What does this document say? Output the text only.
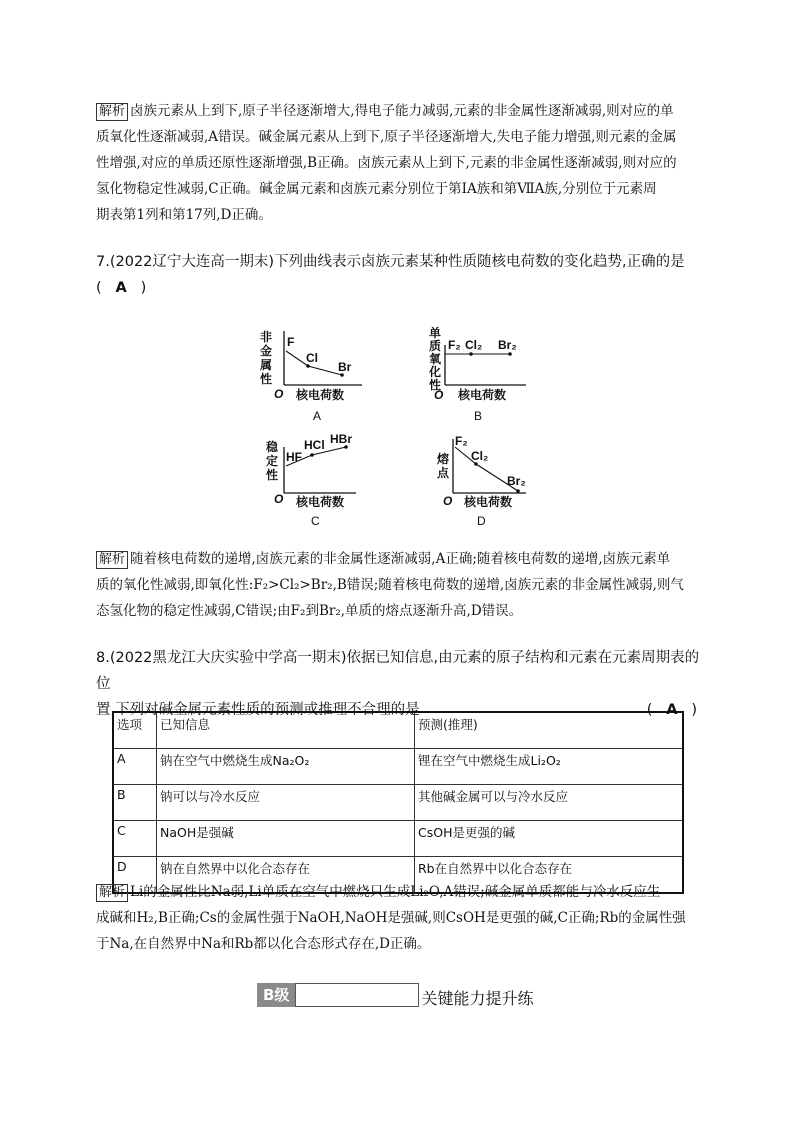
解析 卤族元素从上到下,原子半径逐渐增大,得电子能力减弱,元素的非金属性逐渐减弱,则对应的单
质氧化性逐渐减弱,A错误。碱金属元素从上到下,原子半径逐渐增大,失电子能力增强,则元素的金属
性增强,对应的单质还原性逐渐增强,B正确。卤族元素从上到下,元素的非金属性逐渐减弱,则对应的
氢化物稳定性减弱,C正确。碱金属元素和卤族元素分别位于第ⅠA族和第ⅦA族,分别位于元素周
期表第1列和第17列,D正确。
7.(2022辽宁大连高一期末)下列曲线表示卤族元素某种性质随核电荷数的变化趋势,正确的是
( A )
非
金
属
性
F
Cl
Br
O 核电荷数
A
单
质
氧
化
性
F₂ Cl₂ Br₂
O 核电荷数
B
稳
定
性
HF
HCl HBr
O 核电荷数
C
熔
点
F₂
Cl₂
Br₂
O 核电荷数
D
解析 随着核电荷数的递增,卤族元素的非金属性逐渐减弱,A正确;随着核电荷数的递增,卤族元素单
质的氧化性减弱,即氧化性:F₂>Cl₂>Br₂,B错误;随着核电荷数的递增,卤族元素的非金属性减弱,则气
态氢化物的稳定性减弱,C错误;由F₂到Br₂,单质的熔点逐渐升高,D错误。
8.(2022黑龙江大庆实验中学高一期末)依据已知信息,由元素的原子结构和元素在元素周期表的位
置,下列对碱金属元素性质的预测或推理不合理的是	( A )
选项	已知信息	预测(推理)
A	钠在空气中燃烧生成Na₂O₂	锂在空气中燃烧生成Li₂O₂
B	钠可以与冷水反应	其他碱金属可以与冷水反应
C	NaOH是强碱	CsOH是更强的碱
D	钠在自然界中以化合态存在	Rb在自然界中以化合态存在
解析 Li的金属性比Na弱,Li单质在空气中燃烧只生成Li₂O,A错误;碱金属单质都能与冷水反应生
成碱和H₂,B正确;Cs的金属性强于NaOH,NaOH是强碱,则CsOH是更强的碱,C正确;Rb的金属性强
于Na,在自然界中Na和Rb都以化合态形式存在,D正确。
B级	关键能力提升练
